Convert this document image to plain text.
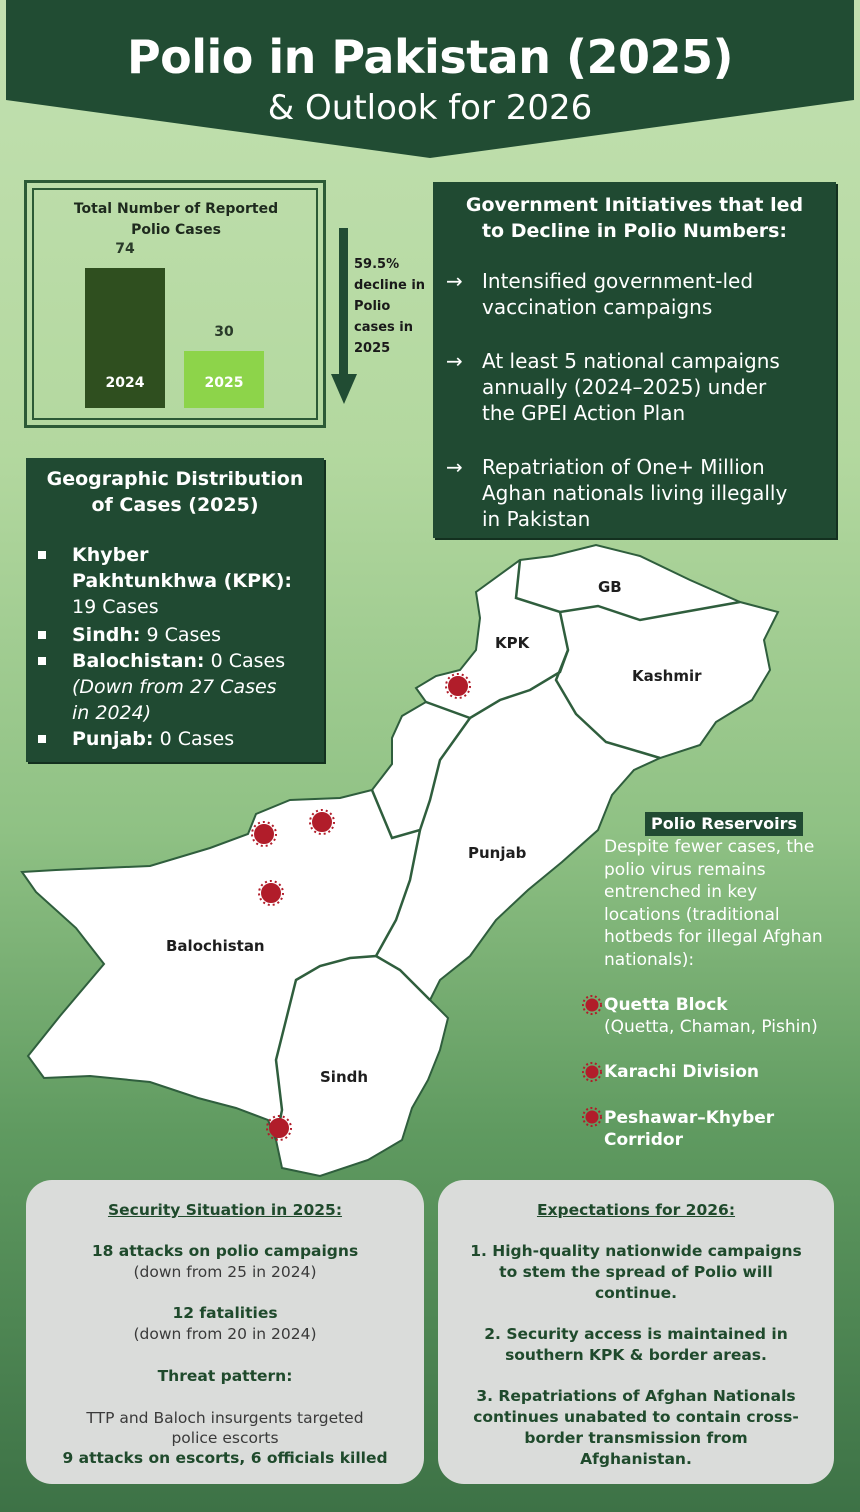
Polio in Pakistan (2025)
& Outlook for 2026
Total Number of Reported
Polio Cases
74
2024
30
2025
59.5%
decline in
Polio
cases in
2025
Government Initiatives that led
to Decline in Polio Numbers:
→ Intensified government-led
vaccination campaigns
→ At least 5 national campaigns
annually (2024–2025) under
the GPEI Action Plan
→ Repatriation of One+ Million
Aghan nationals living illegally
in Pakistan
GB
KPK
Kashmir
Punjab
Balochistan
Sindh
Geographic Distribution
of Cases (2025)
Khyber
Pakhtunkhwa (KPK):
19 Cases
Sindh: 9 Cases
Balochistan: 0 Cases
(Down from 27 Cases
in 2024)
Punjab: 0 Cases
Polio Reservoirs
Despite fewer cases, the
polio virus remains
entrenched in key
locations (traditional
hotbeds for illegal Afghan
nationals):
Quetta Block
(Quetta, Chaman, Pishin)
Karachi Division
Peshawar–Khyber
Corridor
Security Situation in 2025:
18 attacks on polio campaigns
(down from 25 in 2024)
12 fatalities
(down from 20 in 2024)
Threat pattern:
TTP and Baloch insurgents targeted
police escorts
9 attacks on escorts, 6 officials killed
Expectations for 2026:
1. High-quality nationwide campaigns
to stem the spread of Polio will
continue.
2. Security access is maintained in
southern KPK & border areas.
3. Repatriations of Afghan Nationals
continues unabated to contain cross-
border transmission from
Afghanistan.
